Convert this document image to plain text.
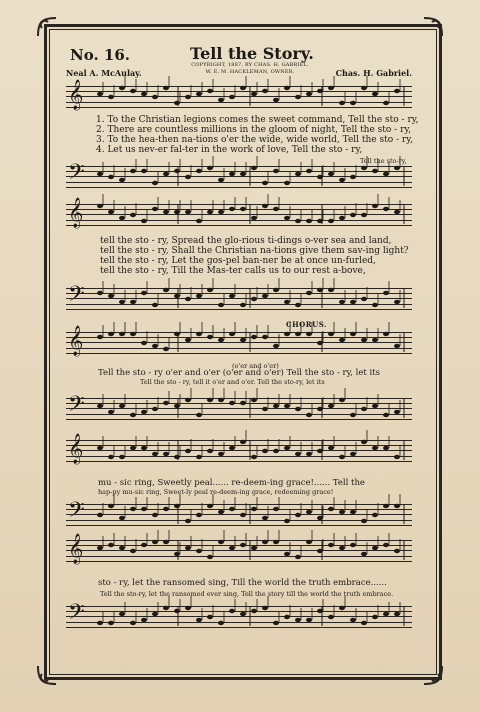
No. 16.	Tell the Story.
COPYRIGHT, 1887, BY CHAS. H. GABRIEL.
W. E. M. HACKLEMAN, OWNER.
Neal A. McAulay.	Chas. H. Gabriel.
𝄞
1. To the Christian legions comes the sweet command, Tell the sto - ry,
2. There are countless millions in the gloom of night, Tell the sto - ry,
3. To the hea-then na-tions o'er the wide, wide world, Tell the sto - ry,
4. Let us nev-er fal-ter in the work of love, Tell the sto - ry,
Tell the sto-ry,
𝄢
𝄞
tell the sto - ry, Spread the glo-rious ti-dings o-ver sea and land,
tell the sto - ry, Shall the Christian na-tions give them sav-ing light?
tell the sto - ry, Let the gos-pel ban-ner be at once un-furled,
tell the sto - ry, Till the Mas-ter calls us to our rest a-bove,
𝄢
CHORUS.
𝄞
(o'er and o'er)
Tell the sto - ry o'er and o'er (o'er and o'er) Tell the sto - ry, let its
Tell the sto - ry, tell it o'er and o'er. Tell the sto-ry, let its
𝄢
𝄞
mu - sic ring, Sweetly peal...... re-deem-ing grace!...... Tell the
hap-py mu-sic ring, Sweet-ly peal re-deem-ing grace, redeeming grace!
𝄢
𝄞
sto - ry, let the ransomed sing, Till the world the truth embrace......
Tell the sto-ry, let the ransomed ever sing, Tell the story till the world the truth embrace.
𝄢
